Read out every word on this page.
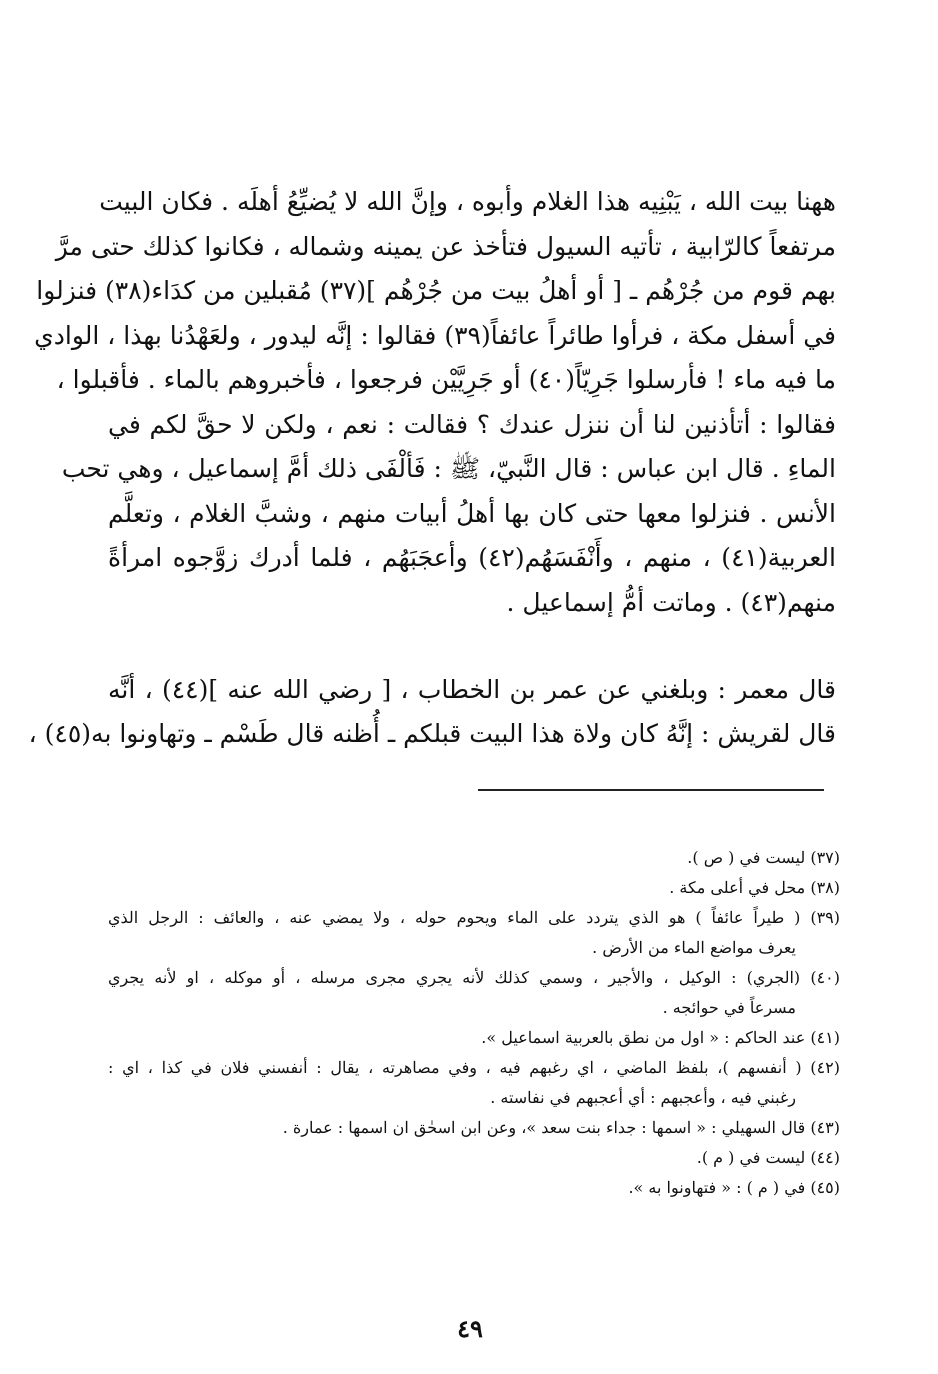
ههنا بيت الله ، يَبْنِيه هذا الغلام وأبوه ، وإنَّ الله لا يُضيِّعُ أهلَه . فكان البيت
مرتفعاً كالرّابية ، تأتيه السيول فتأخذ عن يمينه وشماله ، فكانوا كذلك حتى مرَّ
بهم قوم من جُرْهُم ـ [ أو أهلُ بيت من جُرْهُم ](٣٧) مُقبلين من كدَاء(٣٨) فنزلوا
في أسفل مكة ، فرأوا طائراً عائفاً(٣٩) فقالوا : إنَّه ليدور ، ولعَهْدُنا بهذا ، الوادي
ما فيه ماء ! فأرسلوا جَرِيّاً(٤٠) أو جَرِيَّيْن فرجعوا ، فأخبروهم بالماء . فأقبلوا ،
فقالوا : أتأذنين لنا أن ننزل عندك ؟ فقالت : نعم ، ولكن لا حقَّ لكم في
الماءِ . قال ابن عباس : قال النَّبيّ، ﷺ : فَألْفَى ذلك أمَّ إسماعيل ، وهي تحب
الأنس . فنزلوا معها حتى كان بها أهلُ أبيات منهم ، وشبَّ الغلام ، وتعلَّم
العربية(٤١) ، منهم ، وأَنْفَسَهُم(٤٢) وأعجَبَهُم ، فلما أدرك زوَّجوه امرأةً
منهم(٤٣) . وماتت أمُّ إسماعيل .
قال معمر : وبلغني عن عمر بن الخطاب ، [ رضي الله عنه ](٤٤) ، أنَّه
قال لقريش : إنَّهُ كان ولاة هذا البيت قبلكم ـ أُظنه قال طَسْم ـ وتهاونوا به(٤٥) ،
(٣٧) ليست في ( ص ).
(٣٨) محل في أعلى مكة .
(٣٩) ( طيراً عائفاً ) هو الذي يتردد على الماء ويحوم حوله ، ولا يمضي عنه ، والعائف : الرجل الذي
يعرف مواضع الماء من الأرض .
(٤٠) (الجري) : الوكيل ، والأجير ، وسمي كذلك لأنه يجري مجرى مرسله ، أو موكله ، او لأنه يجري
مسرعاً في حوائجه .
(٤١) عند الحاكم : « اول من نطق بالعربية اسماعيل ».
(٤٢) ( أنفسهم )، بلفظ الماضي ، اي رغبهم فيه ، وفي مصاهرته ، يقال : أنفسني فلان في كذا ، اي :
رغبني فيه ، وأعجبهم : أي أعجبهم في نفاسته .
(٤٣) قال السهيلي : « اسمها : جداء بنت سعد »، وعن ابن اسحٰق ان اسمها : عمارة .
(٤٤) ليست في ( م ).
(٤٥) في ( م ) : « فتهاونوا به ».
٤٩
